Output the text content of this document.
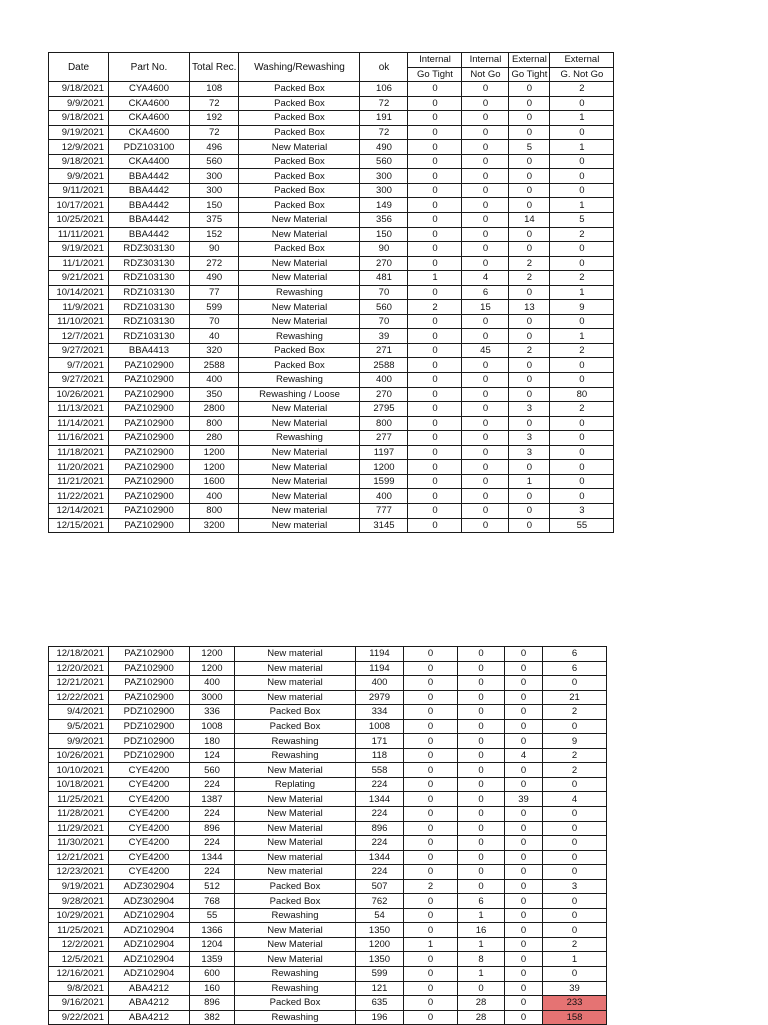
Date	Part No.	Total Rec.	Washing/Rewashing	ok	Internal	Internal	External	External
					Go Tight	Not Go	Go Tight	G. Not Go
9/18/2021	CYA4600	108	Packed Box	106	0	0	0	2
9/9/2021	CKA4600	72	Packed Box	72	0	0	0	0
9/18/2021	CKA4600	192	Packed Box	191	0	0	0	1
9/19/2021	CKA4600	72	Packed Box	72	0	0	0	0
12/9/2021	PDZ103100	496	New Material	490	0	0	5	1
9/18/2021	CKA4400	560	Packed Box	560	0	0	0	0
9/9/2021	BBA4442	300	Packed Box	300	0	0	0	0
9/11/2021	BBA4442	300	Packed Box	300	0	0	0	0
10/17/2021	BBA4442	150	Packed Box	149	0	0	0	1
10/25/2021	BBA4442	375	New Material	356	0	0	14	5
11/11/2021	BBA4442	152	New Material	150	0	0	0	2
9/19/2021	RDZ303130	90	Packed Box	90	0	0	0	0
11/1/2021	RDZ303130	272	New Material	270	0	0	2	0
9/21/2021	RDZ103130	490	New Material	481	1	4	2	2
10/14/2021	RDZ103130	77	Rewashing	70	0	6	0	1
11/9/2021	RDZ103130	599	New Material	560	2	15	13	9
11/10/2021	RDZ103130	70	New Material	70	0	0	0	0
12/7/2021	RDZ103130	40	Rewashing	39	0	0	0	1
9/27/2021	BBA4413	320	Packed Box	271	0	45	2	2
9/7/2021	PAZ102900	2588	Packed Box	2588	0	0	0	0
9/27/2021	PAZ102900	400	Rewashing	400	0	0	0	0
10/26/2021	PAZ102900	350	Rewashing / Loose	270	0	0	0	80
11/13/2021	PAZ102900	2800	New Material	2795	0	0	3	2
11/14/2021	PAZ102900	800	New Material	800	0	0	0	0
11/16/2021	PAZ102900	280	Rewashing	277	0	0	3	0
11/18/2021	PAZ102900	1200	New Material	1197	0	0	3	0
11/20/2021	PAZ102900	1200	New Material	1200	0	0	0	0
11/21/2021	PAZ102900	1600	New Material	1599	0	0	1	0
11/22/2021	PAZ102900	400	New Material	400	0	0	0	0
12/14/2021	PAZ102900	800	New material	777	0	0	0	3
12/15/2021	PAZ102900	3200	New material	3145	0	0	0	55
12/18/2021	PAZ102900	1200	New material	1194	0	0	0	6
12/20/2021	PAZ102900	1200	New material	1194	0	0	0	6
12/21/2021	PAZ102900	400	New material	400	0	0	0	0
12/22/2021	PAZ102900	3000	New material	2979	0	0	0	21
9/4/2021	PDZ102900	336	Packed Box	334	0	0	0	2
9/5/2021	PDZ102900	1008	Packed Box	1008	0	0	0	0
9/9/2021	PDZ102900	180	Rewashing	171	0	0	0	9
10/26/2021	PDZ102900	124	Rewashing	118	0	0	4	2
10/10/2021	CYE4200	560	New Material	558	0	0	0	2
10/18/2021	CYE4200	224	Replating	224	0	0	0	0
11/25/2021	CYE4200	1387	New Material	1344	0	0	39	4
11/28/2021	CYE4200	224	New Material	224	0	0	0	0
11/29/2021	CYE4200	896	New Material	896	0	0	0	0
11/30/2021	CYE4200	224	New Material	224	0	0	0	0
12/21/2021	CYE4200	1344	New material	1344	0	0	0	0
12/23/2021	CYE4200	224	New material	224	0	0	0	0
9/19/2021	ADZ302904	512	Packed Box	507	2	0	0	3
9/28/2021	ADZ302904	768	Packed Box	762	0	6	0	0
10/29/2021	ADZ102904	55	Rewashing	54	0	1	0	0
11/25/2021	ADZ102904	1366	New Material	1350	0	16	0	0
12/2/2021	ADZ102904	1204	New Material	1200	1	1	0	2
12/5/2021	ADZ102904	1359	New Material	1350	0	8	0	1
12/16/2021	ADZ102904	600	Rewashing	599	0	1	0	0
9/8/2021	ABA4212	160	Rewashing	121	0	0	0	39
9/16/2021	ABA4212	896	Packed Box	635	0	28	0	233
9/22/2021	ABA4212	382	Rewashing	196	0	28	0	158
